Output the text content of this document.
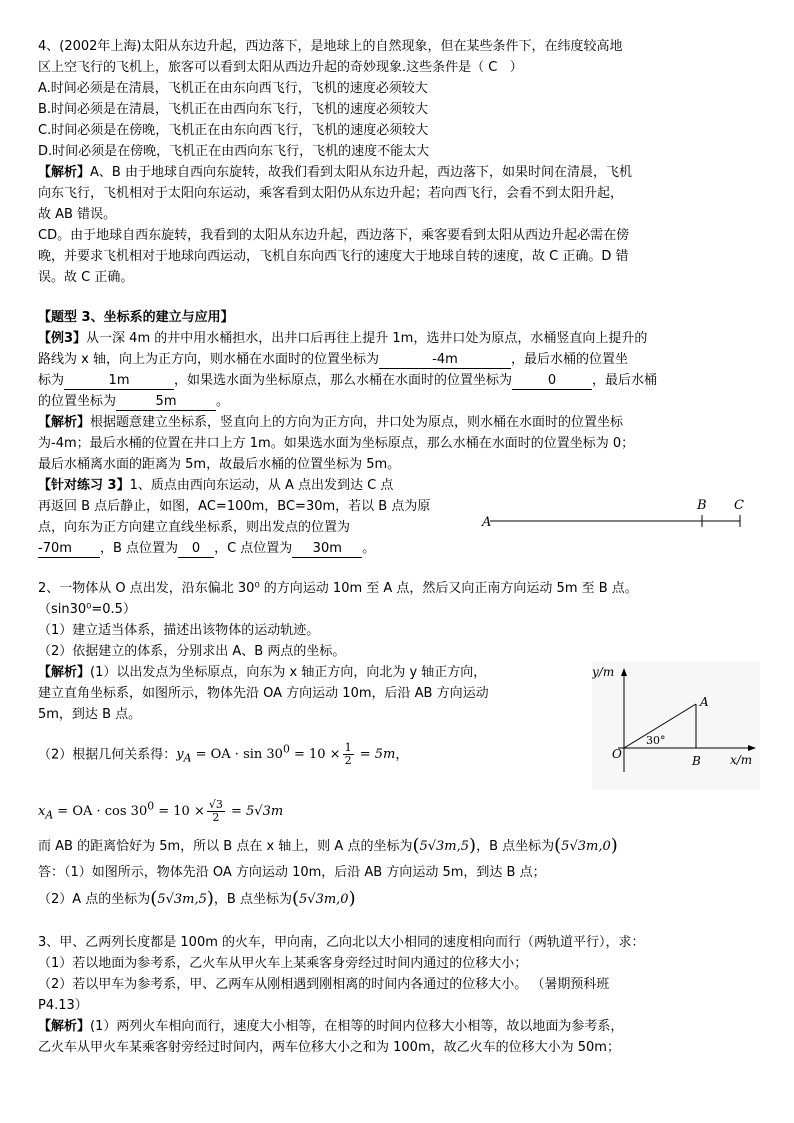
4、(2002年上海)太阳从东边升起，西边落下，是地球上的自然现象，但在某些条件下，在纬度较高地
区上空飞行的飞机上，旅客可以看到太阳从西边升起的奇妙现象.这些条件是（ C ）
A.时间必须是在清晨，飞机正在由东向西飞行，飞机的速度必须较大
B.时间必须是在清晨，飞机正在由西向东飞行，飞机的速度必须较大
C.时间必须是在傍晚，飞机正在由东向西飞行，飞机的速度必须较大
D.时间必须是在傍晚，飞机正在由西向东飞行，飞机的速度不能太大
【解析】A、B 由于地球自西向东旋转，故我们看到太阳从东边升起，西边落下，如果时间在清晨，飞机
向东飞行，飞机相对于太阳向东运动，乘客看到太阳仍从东边升起；若向西飞行，会看不到太阳升起，
故 AB 错误。
CD。由于地球自西东旋转，我看到的太阳从东边升起，西边落下，乘客要看到太阳从西边升起必需在傍
晚，并要求飞机相对于地球向西运动，飞机自东向西飞行的速度大于地球自转的速度，故 C 正确。D 错
误。故 C 正确。
【题型 3、坐标系的建立与应用】
【例3】从一深 4m 的井中用水桶担水，出井口后再往上提升 1m，选井口处为原点，水桶竖直向上提升的
路线为 x 轴，向上为正方向，则水桶在水面时的位置坐标为	-4m	，最后水桶的位置坐
标为	1m	，如果选水面为坐标原点，那么水桶在水面时的位置坐标为	0	，最后水桶
的位置坐标为	5m	。
【解析】根据题意建立坐标系，竖直向上的方向为正方向，井口处为原点，则水桶在水面时的位置坐标
为-4m；最后水桶的位置在井口上方 1m。如果选水面为坐标原点，那么水桶在水面时的位置坐标为 0；
最后水桶离水面的距离为 5m，故最后水桶的位置坐标为 5m。
【针对练习 3】1、质点由西向东运动，从 A 点出发到达 C 点
再返回 B 点后静止，如图，AC=100m，BC=30m，若以 B 点为原
点，向东为正方向建立直线坐标系，则出发点的位置为
-70m ，B 点位置为 0 ，C 点位置为 30m 。
A
B C
2、一物体从 O 点出发，沿东偏北 30⁰ 的方向运动 10m 至 A 点，然后又向正南方向运动 5m 至 B 点。
（sin30⁰=0.5）
（1）建立适当体系，描述出该物体的运动轨迹。
（2）依据建立的体系，分别求出 A、B 两点的坐标。
【解析】(1）以出发点为坐标原点，向东为 x 轴正方向，向北为 y 轴正方向，
建立直角坐标系，如图所示，物体先沿 OA 方向运动 10m，后沿 AB 方向运动
5m，到达 B 点。
（2）根据几何关系得：$y_A$ = OA · $\sin 30^0 = 10 \times \frac{1}{2} = 5m$，
y/m
x/m
O
A
B
30°
$x_A$ = OA · $\cos 30^0 = 10 \times \frac{√3}{2} = 5√3m$
而 AB 的距离恰好为 5m，所以 B 点在 x 轴上，则 A 点的坐标为(5√3m,5)，B 点坐标为(5√3m,0)
答：（1）如图所示，物体先沿 OA 方向运动 10m，后沿 AB 方向运动 5m，到达 B 点；
（2）A 点的坐标为(5√3m,5)，B 点坐标为(5√3m,0)
3、甲、乙两列长度都是 100m 的火车，甲向南，乙向北以大小相同的速度相向而行（两轨道平行），求：
（1）若以地面为参考系，乙火车从甲火车上某乘客身旁经过时间内通过的位移大小；
（2）若以甲车为参考系，甲、乙两车从刚相遇到刚相离的时间内各通过的位移大小。 （暑期预科班
P4.13）
【解析】(1）两列火车相向而行，速度大小相等，在相等的时间内位移大小相等，故以地面为参考系，
乙火车从甲火车某乘客射旁经过时间内，两车位移大小之和为 100m，故乙火车的位移大小为 50m；
